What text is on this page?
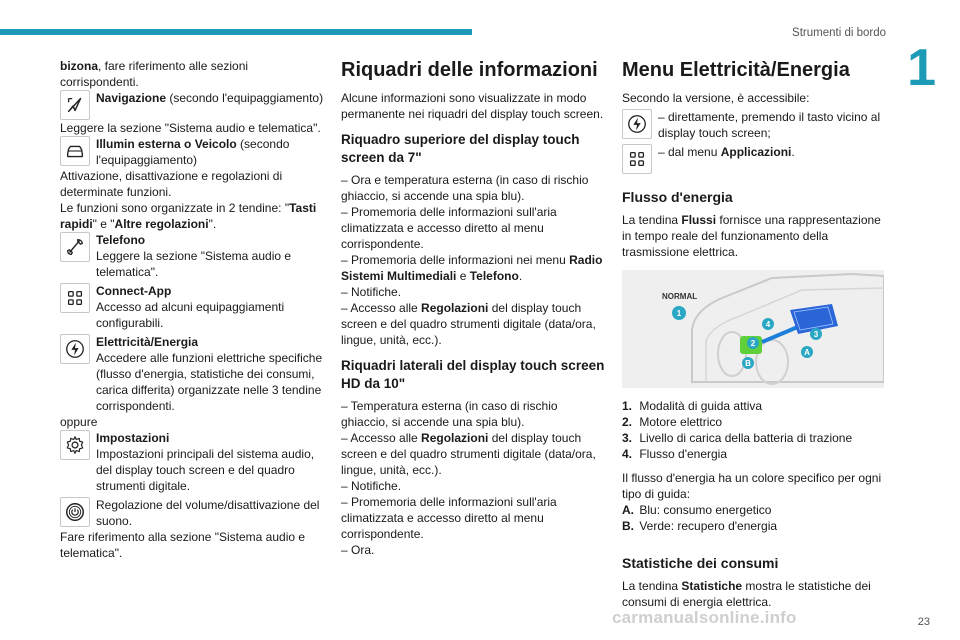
Strumenti di bordo
1

bizona, fare riferimento alle sezioni corrispondenti.

Navigazione (secondo l'equipaggiamento)

Leggere la sezione "Sistema audio e telematica".

Illumin esterna o Veicolo (secondo l'equipaggiamento)

Attivazione, disattivazione e regolazioni di determinate funzioni.

Le funzioni sono organizzate in 2 tendine: "Tasti rapidi" e "Altre regolazioni".

Telefono
Leggere la sezione "Sistema audio e telematica".
Connect-App
Accesso ad alcuni equipaggiamenti configurabili.
Elettricità/Energia
Accedere alle funzioni elettriche specifiche (flusso d'energia, statistiche dei consumi, carica differita) organizzate nelle 3 tendine corrispondenti.

oppure

Impostazioni
Impostazioni principali del sistema audio, del display touch screen e del quadro strumenti digitale.
Regolazione del volume/disattivazione del suono.

Fare riferimento alla sezione "Sistema audio e telematica".

Riquadri delle informazioni

Alcune informazioni sono visualizzate in modo permanente nei riquadri del display touch screen.

Riquadro superiore del display touch screen da 7"

– Ora e temperatura esterna (in caso di rischio ghiaccio, si accende una spia blu).

– Promemoria delle informazioni sull'aria climatizzata e accesso diretto al menu corrispondente.

– Promemoria delle informazioni nei menu Radio Sistemi Multimediali e Telefono.

– Notifiche.

– Accesso alle Regolazioni del display touch screen e del quadro strumenti digitale (data/ora, lingue, unità, ecc.).

Riquadri laterali del display touch screen HD da 10"

– Temperatura esterna (in caso di rischio ghiaccio, si accende una spia blu).

– Accesso alle Regolazioni del display touch screen e del quadro strumenti digitale (data/ora, lingue, unità, ecc.).

– Notifiche.

– Promemoria delle informazioni sull'aria climatizzata e accesso diretto al menu corrispondente.

– Ora.

Menu Elettricità/Energia

Secondo la versione, è accessibile:

– direttamente, premendo il tasto vicino al display touch screen;
– dal menu Applicazioni.
Flusso d'energia

La tendina Flussi fornisce una rappresentazione in tempo reale del funzionamento della trasmissione elettrica.

NORMAL
1
2
3
4
A
B

1. Modalità di guida attiva

2. Motore elettrico

3. Livello di carica della batteria di trazione

4. Flusso d'energia

Il flusso d'energia ha un colore specifico per ogni tipo di guida:

A. Blu: consumo energetico

B. Verde: recupero d'energia

Statistiche dei consumi

La tendina Statistiche mostra le statistiche dei consumi di energia elettrica.

carmanualsonline.info	23
